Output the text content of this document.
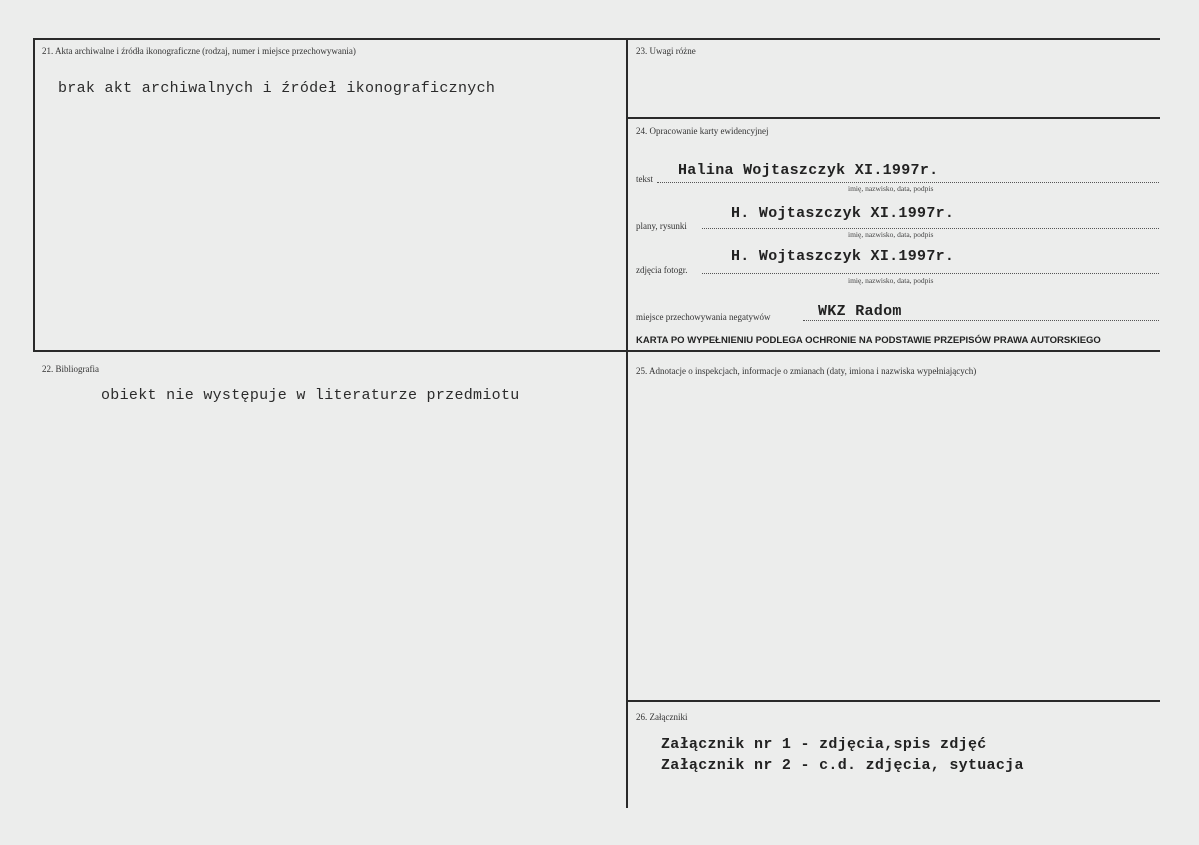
21. Akta archiwalne i źródła ikonograficzne (rodzaj, numer i miejsce przechowywania)
brak akt archiwalnych i źródeł ikonograficznych
23. Uwagi różne
24. Opracowanie karty ewidencyjnej
tekst Halina Wojtaszczyk XI.1997r.
imię, nazwisko, data, podpis
plany, rysunki
H. Wojtaszczyk XI.1997r.
imię, nazwisko, data, podpis
zdjęcia fotogr.
H. Wojtaszczyk XI.1997r.
imię, nazwisko, data, podpis
miejsce przechowywania negatywów	WKZ Radom
KARTA PO WYPEŁNIENIU PODLEGA OCHRONIE NA PODSTAWIE PRZEPISÓW PRAWA AUTORSKIEGO
22. Bibliografia
obiekt nie występuje w literaturze przedmiotu
25. Adnotacje o inspekcjach, informacje o zmianach (daty, imiona i nazwiska wypełniających)
26. Załączniki
Załącznik nr 1 - zdjęcia,spis zdjęć
Załącznik nr 2 - c.d. zdjęcia, sytuacja
